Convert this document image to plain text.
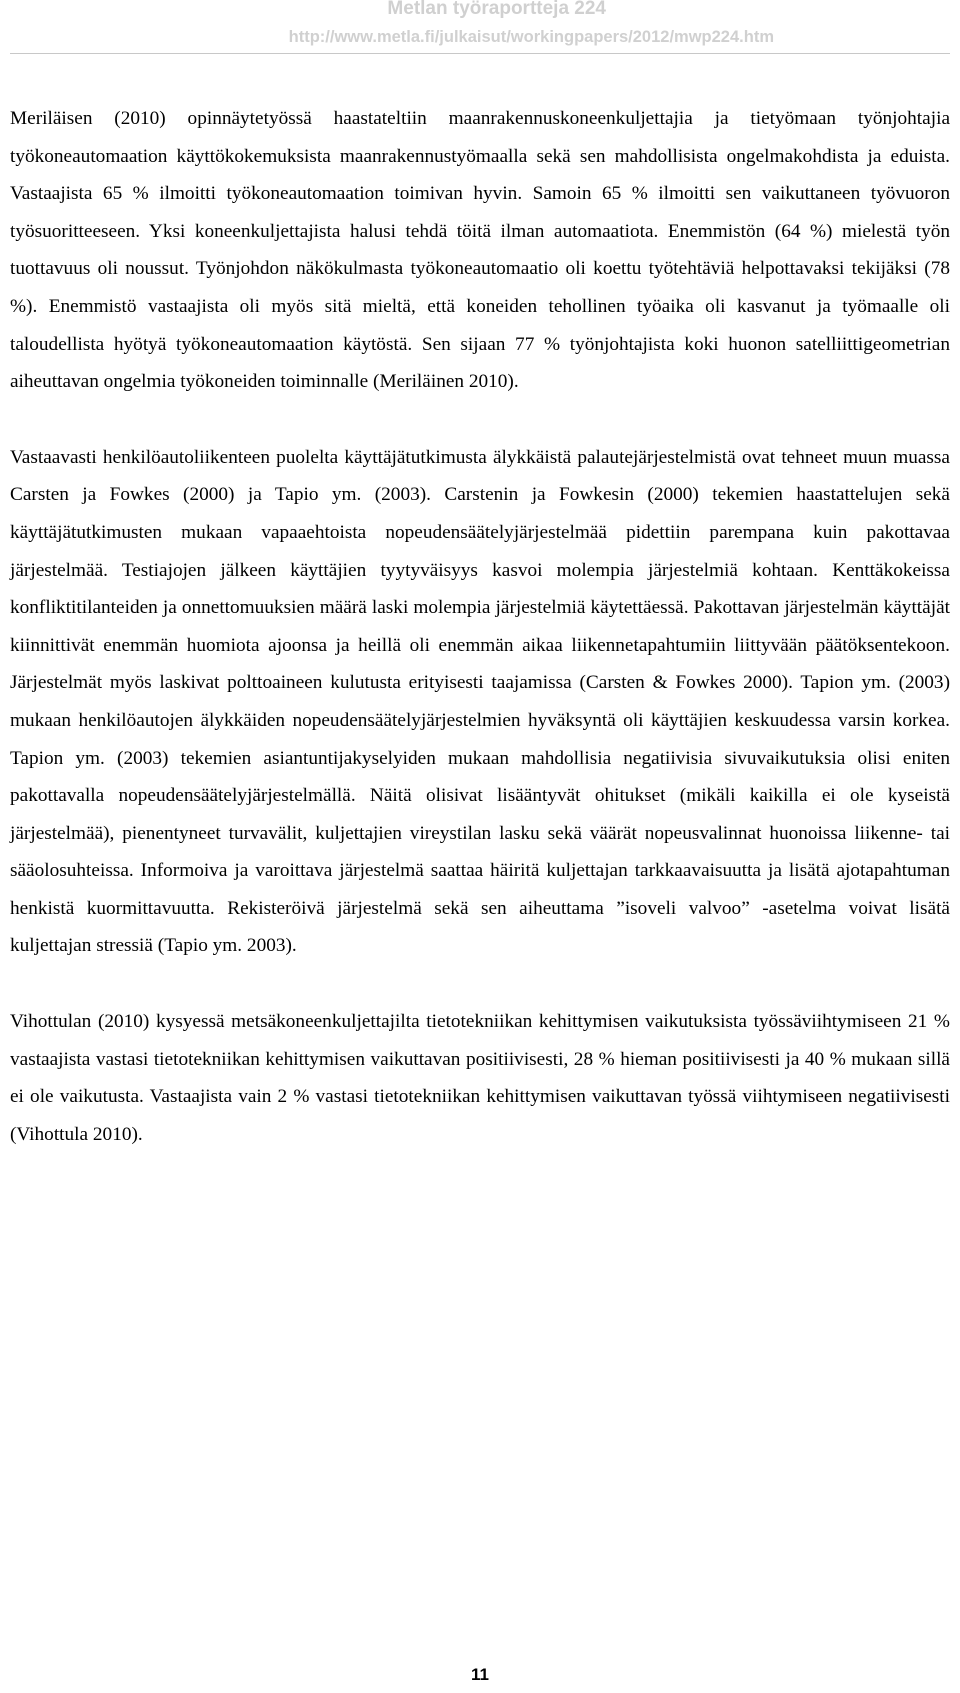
Metlan työraportteja 224
http://www.metla.fi/julkaisut/workingpapers/2012/mwp224.htm

Meriläisen (2010) opinnäytetyössä haastateltiin maanrakennuskoneenkuljettajia ja tietyömaan työnjohtajia työkoneautomaation käyttökokemuksista maanrakennustyömaalla sekä sen mahdollisista ongelmakohdista ja eduista. Vastaajista 65 % ilmoitti työkoneautomaation toimivan hyvin. Samoin 65 % ilmoitti sen vaikuttaneen työvuoron työsuoritteeseen. Yksi koneenkuljettajista halusi tehdä töitä ilman automaatiota. Enemmistön (64 %) mielestä työn tuottavuus oli noussut. Työnjohdon näkökulmasta työkoneautomaatio oli koettu työtehtäviä helpottavaksi tekijäksi (78 %). Enemmistö vastaajista oli myös sitä mieltä, että koneiden tehollinen työaika oli kasvanut ja työmaalle oli taloudellista hyötyä työkoneautomaation käytöstä. Sen sijaan 77 % työnjohtajista koki huonon satelliittigeometrian aiheuttavan ongelmia työkoneiden toiminnalle (Meriläinen 2010).

Vastaavasti henkilöautoliikenteen puolelta käyttäjätutkimusta älykkäistä palautejärjestelmistä ovat tehneet muun muassa Carsten ja Fowkes (2000) ja Tapio ym. (2003). Carstenin ja Fowkesin (2000) tekemien haastattelujen sekä käyttäjätutkimusten mukaan vapaaehtoista nopeudensäätelyjärjestelmää pidettiin parempana kuin pakottavaa järjestelmää. Testiajojen jälkeen käyttäjien tyytyväisyys kasvoi molempia järjestelmiä kohtaan. Kenttäkokeissa konfliktitilanteiden ja onnettomuuksien määrä laski molempia järjestelmiä käytettäessä. Pakottavan järjestelmän käyttäjät kiinnittivät enemmän huomiota ajoonsa ja heillä oli enemmän aikaa liikennetapahtumiin liittyvään päätöksentekoon. Järjestelmät myös laskivat polttoaineen kulutusta erityisesti taajamissa (Carsten & Fowkes 2000). Tapion ym. (2003) mukaan henkilöautojen älykkäiden nopeudensäätelyjärjestelmien hyväksyntä oli käyttäjien keskuudessa varsin korkea. Tapion ym. (2003) tekemien asiantuntijakyselyiden mukaan mahdollisia negatiivisia sivuvaikutuksia olisi eniten pakottavalla nopeudensäätelyjärjestelmällä. Näitä olisivat lisääntyvät ohitukset (mikäli kaikilla ei ole kyseistä järjestelmää), pienentyneet turvavälit, kuljettajien vireystilan lasku sekä väärät nopeusvalinnat huonoissa liikenne- tai sääolosuhteissa. Informoiva ja varoittava järjestelmä saattaa häiritä kuljettajan tarkkaavaisuutta ja lisätä ajotapahtuman henkistä kuormittavuutta. Rekisteröivä järjestelmä sekä sen aiheuttama ”isoveli valvoo” -asetelma voivat lisätä kuljettajan stressiä (Tapio ym. 2003).

Vihottulan (2010) kysyessä metsäkoneenkuljettajilta tietotekniikan kehittymisen vaikutuksista työssäviihtymiseen 21 % vastaajista vastasi tietotekniikan kehittymisen vaikuttavan positiivisesti, 28 % hieman positiivisesti ja 40 % mukaan sillä ei ole vaikutusta. Vastaajista vain 2 % vastasi tietotekniikan kehittymisen vaikuttavan työssä viihtymiseen negatiivisesti (Vihottula 2010).

11
